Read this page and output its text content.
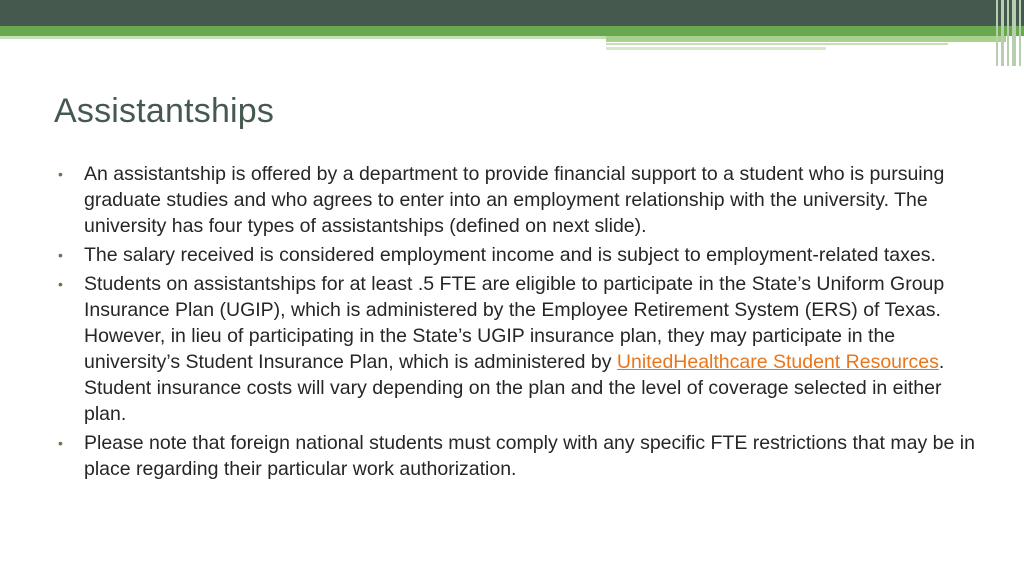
Assistantships
• An assistantship is offered by a department to provide financial support to a student who is pursuing graduate studies and who agrees to enter into an employment relationship with the university. The university has four types of assistantships (defined on next slide).
• The salary received is considered employment income and is subject to employment-related taxes.
• Students on assistantships for at least .5 FTE are eligible to participate in the State’s Uniform Group Insurance Plan (UGIP), which is administered by the Employee Retirement System (ERS) of Texas. However, in lieu of participating in the State’s UGIP insurance plan, they may participate in the university’s Student Insurance Plan, which is administered by UnitedHealthcare Student Resources. Student insurance costs will vary depending on the plan and the level of coverage selected in either plan.
• Please note that foreign national students must comply with any specific FTE restrictions that may be in place regarding their particular work authorization.
